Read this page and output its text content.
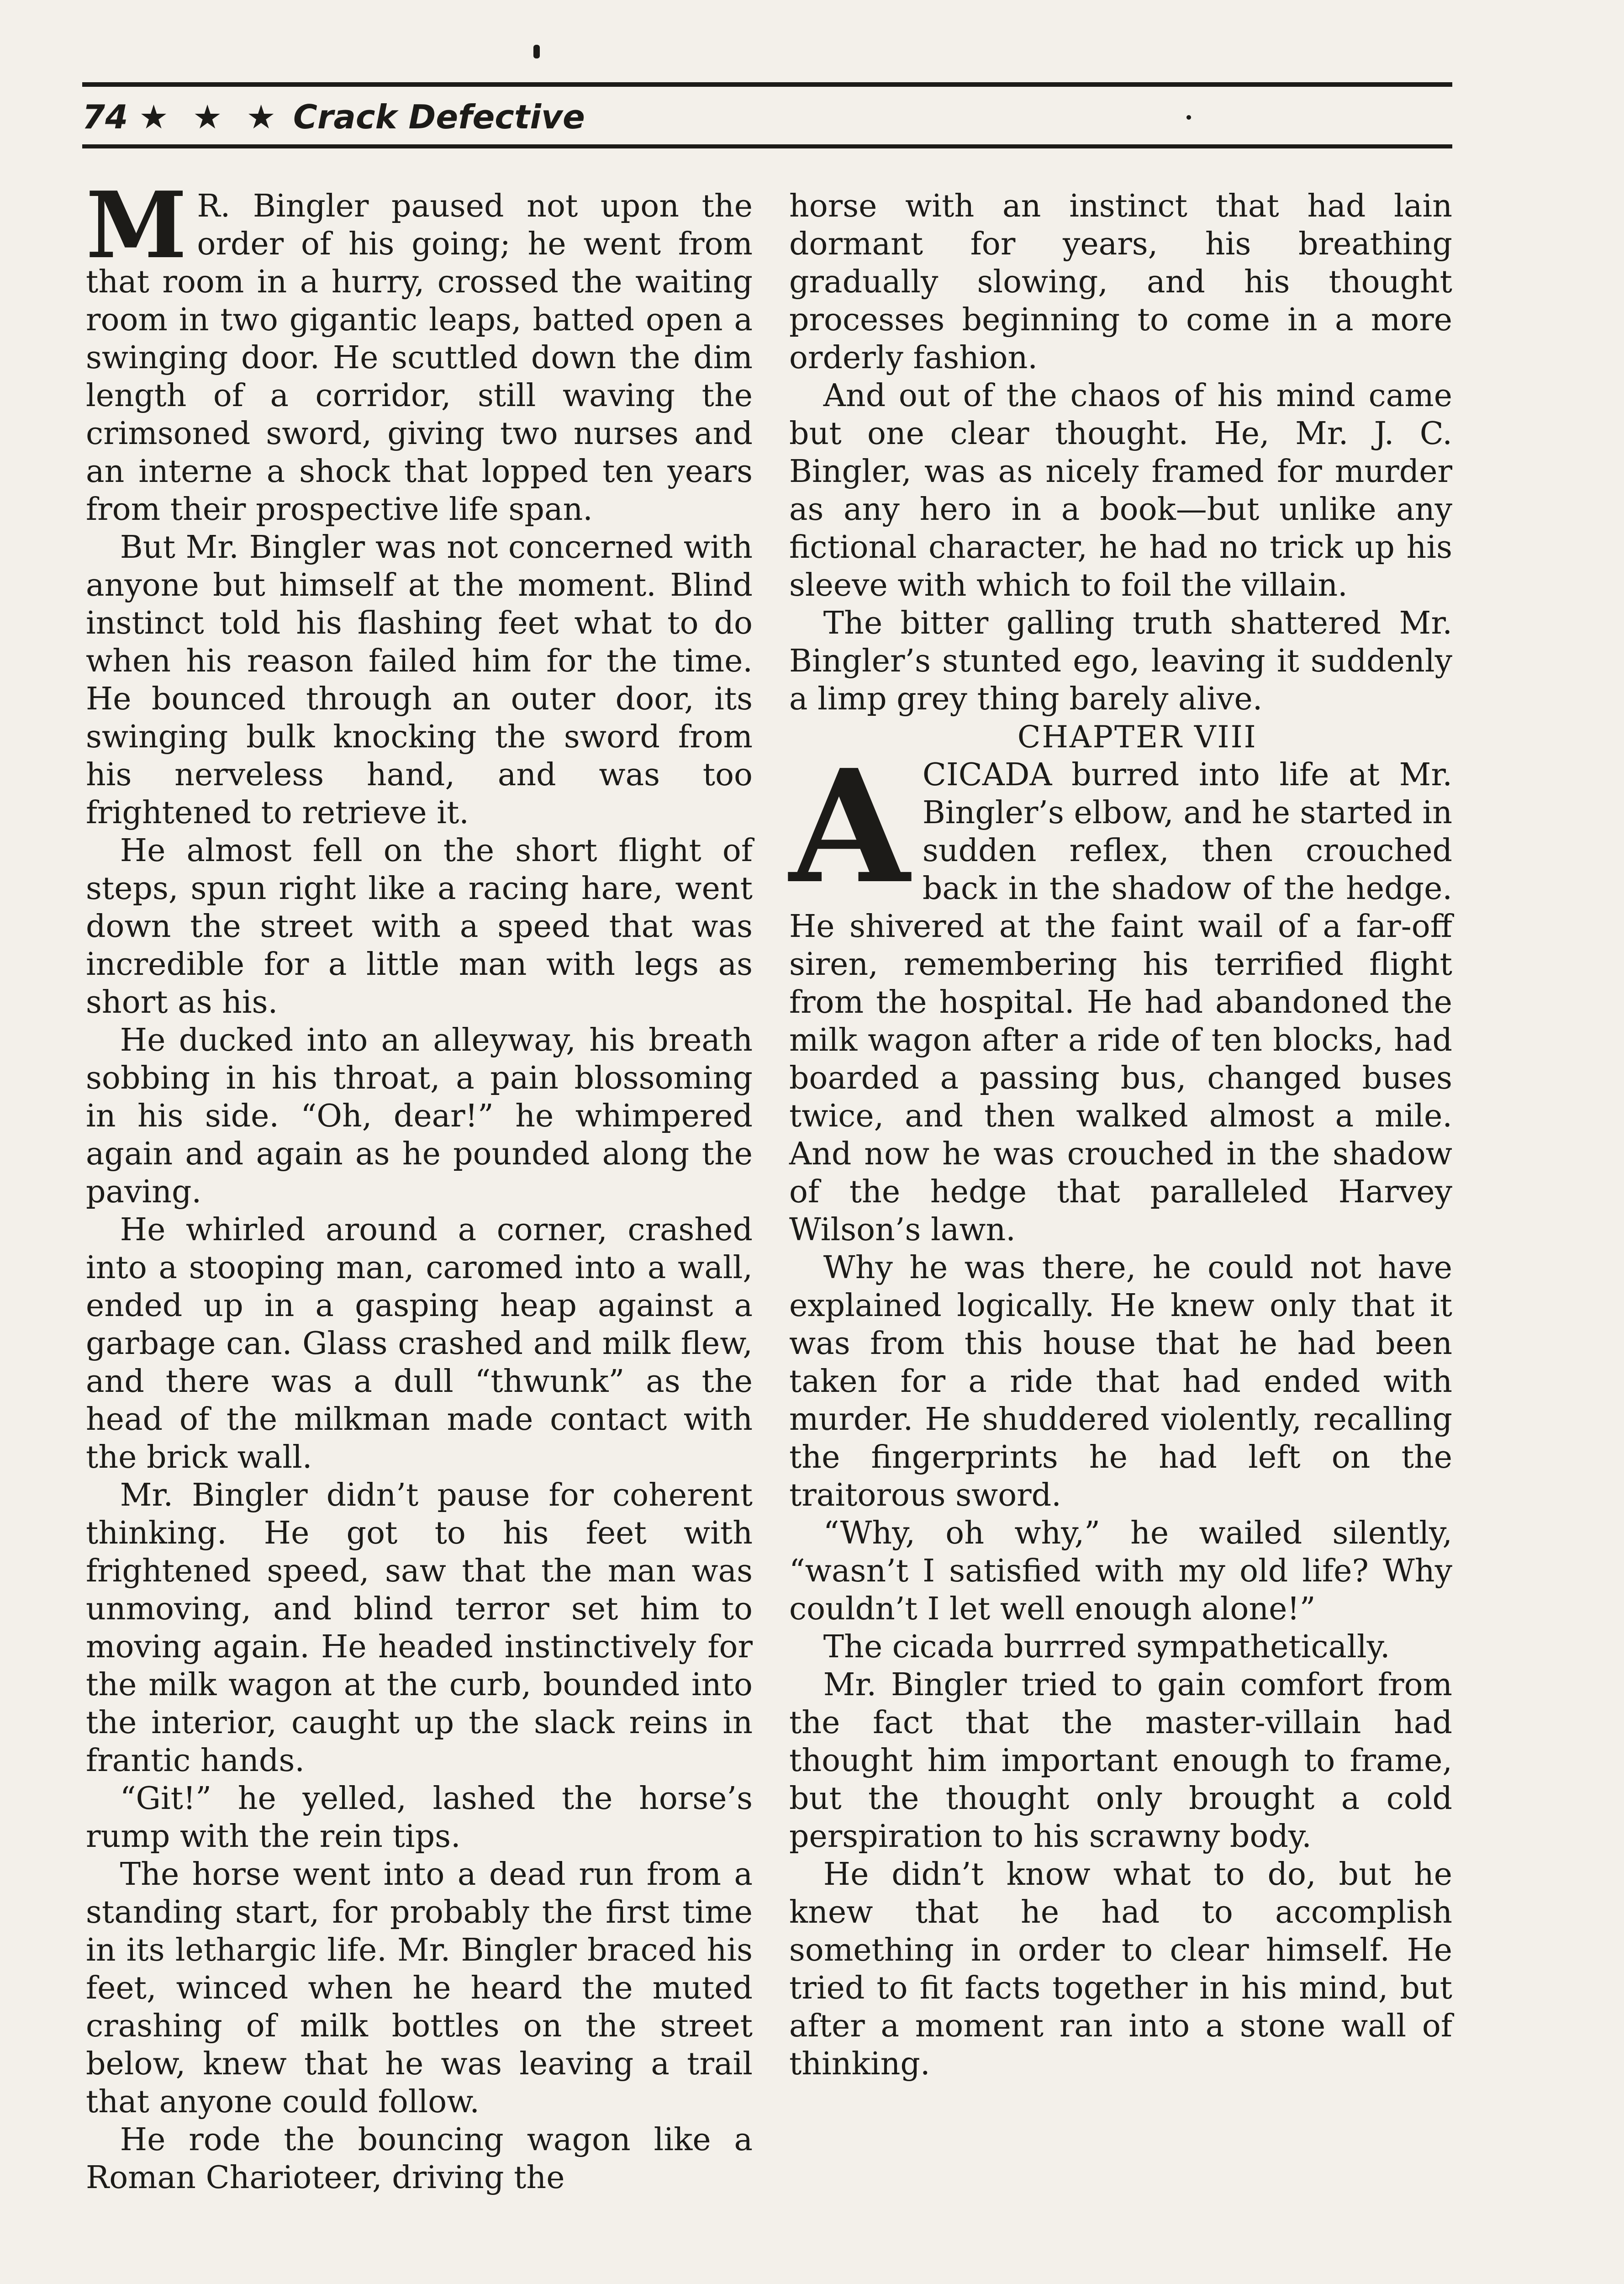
74 ★ ★ ★ Crack Defective

M R. Bingler paused not upon the order of his going; he went from that room in a hurry, crossed the waiting room in two gigantic leaps, batted open a swinging door. He scuttled down the dim length of a corridor, still waving the crimsoned sword, giving two nurses and an interne a shock that lopped ten years from their prospective life span.

But Mr. Bingler was not concerned with anyone but himself at the moment. Blind instinct told his flashing feet what to do when his reason failed him for the time. He bounced through an outer door, its swinging bulk knocking the sword from his nerveless hand, and was too frightened to retrieve it.

He almost fell on the short flight of steps, spun right like a racing hare, went down the street with a speed that was incredible for a little man with legs as short as his.

He ducked into an alleyway, his breath sobbing in his throat, a pain blossoming in his side. “Oh, dear!” he whimpered again and again as he pounded along the paving.

He whirled around a corner, crashed into a stooping man, caromed into a wall, ended up in a gasping heap against a garbage can. Glass crashed and milk flew, and there was a dull “thwunk” as the head of the milkman made contact with the brick wall.

Mr. Bingler didn’t pause for coherent thinking. He got to his feet with frightened speed, saw that the man was unmoving, and blind terror set him to moving again. He headed instinctively for the milk wagon at the curb, bounded into the interior, caught up the slack reins in frantic hands.

“Git!” he yelled, lashed the horse’s rump with the rein tips.

The horse went into a dead run from a standing start, for probably the first time in its lethargic life. Mr. Bingler braced his feet, winced when he heard the muted crashing of milk bottles on the street below, knew that he was leaving a trail that anyone could follow.

He rode the bouncing wagon like a Roman Charioteer, driving the

horse with an instinct that had lain dormant for years, his breathing gradually slowing, and his thought processes beginning to come in a more orderly fashion.

And out of the chaos of his mind came but one clear thought. He, Mr. J. C. Bingler, was as nicely framed for murder as any hero in a book—but unlike any fictional character, he had no trick up his sleeve with which to foil the villain.

The bitter galling truth shattered Mr. Bingler’s stunted ego, leaving it suddenly a limp grey thing barely alive.

CHAPTER VIII

ACICADA burred into life at Mr. Bingler’s elbow, and he started in sudden reflex, then crouched back in the shadow of the hedge. He shivered at the faint wail of a far-off siren, remembering his terrified flight from the hospital. He had abandoned the milk wagon after a ride of ten blocks, had boarded a passing bus, changed buses twice, and then walked almost a mile. And now he was crouched in the shadow of the hedge that paralleled Harvey Wilson’s lawn.

Why he was there, he could not have explained logically. He knew only that it was from this house that he had been taken for a ride that had ended with murder. He shuddered violently, recalling the fingerprints he had left on the traitorous sword.

“Why, oh why,” he wailed silently, “wasn’t I satisfied with my old life? Why couldn’t I let well enough alone!”

The cicada burrred sympathetically.

Mr. Bingler tried to gain comfort from the fact that the master-villain had thought him important enough to frame, but the thought only brought a cold perspiration to his scrawny body.

He didn’t know what to do, but he knew that he had to accomplish something in order to clear himself. He tried to fit facts together in his mind, but after a moment ran into a stone wall of thinking.
